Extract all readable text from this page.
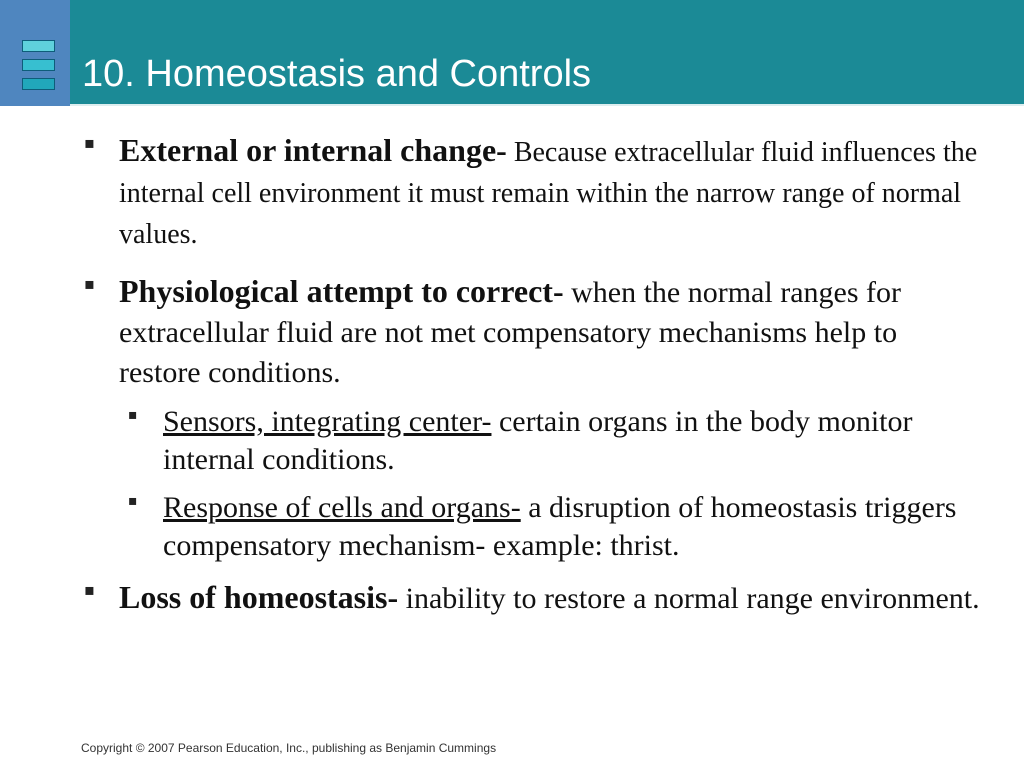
10. Homeostasis and Controls
▪ External or internal change- Because extracellular fluid influences the internal cell environment it must remain within the narrow range of normal values.
▪ Physiological attempt to correct- when the normal ranges for extracellular fluid are not met compensatory mechanisms help to restore conditions.
▪ Sensors, integrating center- certain organs in the body monitor internal conditions.
▪ Response of cells and organs- a disruption of homeostasis triggers compensatory mechanism- example: thrist.
▪ Loss of homeostasis- inability to restore a normal range environment.
Copyright © 2007 Pearson Education, Inc., publishing as Benjamin Cummings
